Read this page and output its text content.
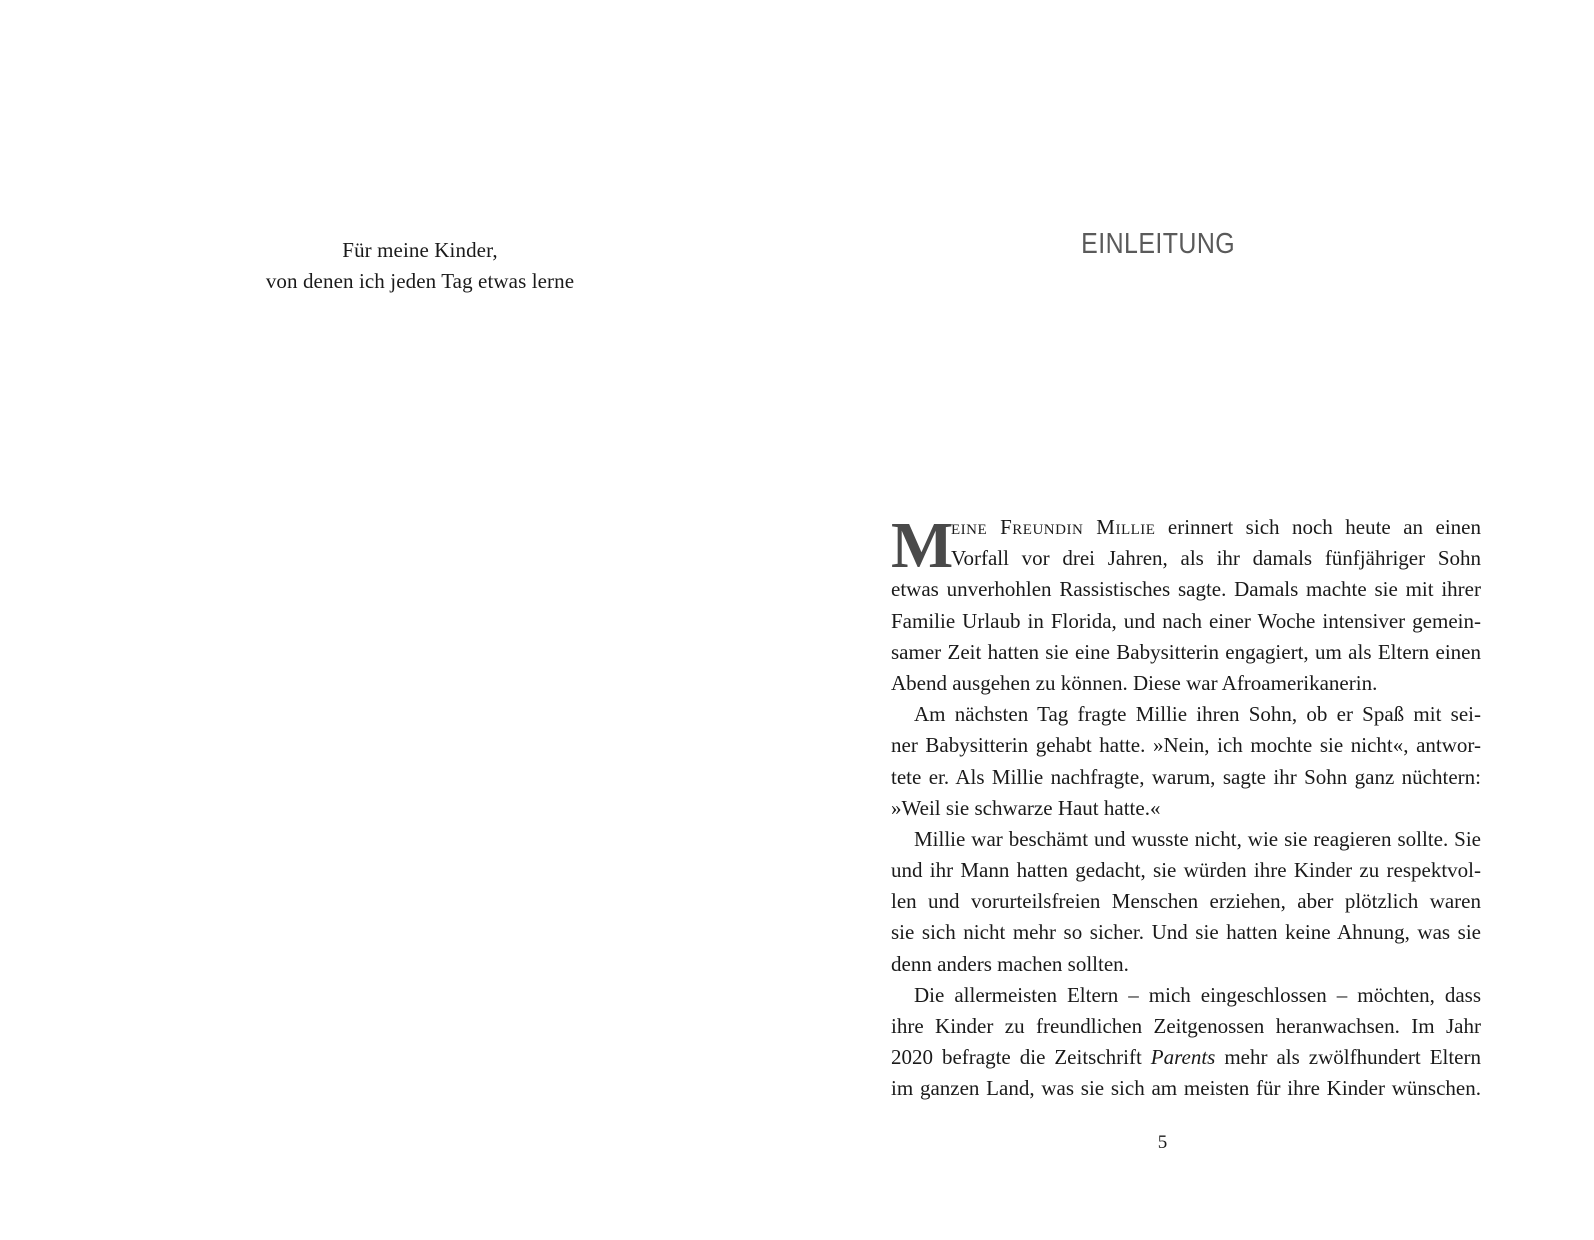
Für meine Kinder,
von denen ich jeden Tag etwas lerne
EINLEITUNG
M
eine Freundin Millie erinnert sich noch heute an einen
Vorfall vor drei Jahren, als ihr damals fünfjähriger Sohn
etwas unverhohlen Rassistisches sagte. Damals machte sie mit ihrer
Familie Urlaub in Florida, und nach einer Woche intensiver gemein-
samer Zeit hatten sie eine Babysitterin engagiert, um als Eltern einen
Abend ausgehen zu können. Diese war Afroamerikanerin.
Am nächsten Tag fragte Millie ihren Sohn, ob er Spaß mit sei-
ner Babysitterin gehabt hatte. »Nein, ich mochte sie nicht«, antwor-
tete er. Als Millie nachfragte, warum, sagte ihr Sohn ganz nüchtern:
»Weil sie schwarze Haut hatte.«
Millie war beschämt und wusste nicht, wie sie reagieren sollte. Sie
und ihr Mann hatten gedacht, sie würden ihre Kinder zu respektvol-
len und vorurteilsfreien Menschen erziehen, aber plötzlich waren
sie sich nicht mehr so sicher. Und sie hatten keine Ahnung, was sie
denn anders machen sollten.
Die allermeisten Eltern – mich eingeschlossen – möchten, dass
ihre Kinder zu freundlichen Zeitgenossen heranwachsen. Im Jahr
2020 befragte die Zeitschrift Parents mehr als zwölfhundert Eltern
im ganzen Land, was sie sich am meisten für ihre Kinder wünschen.
5
